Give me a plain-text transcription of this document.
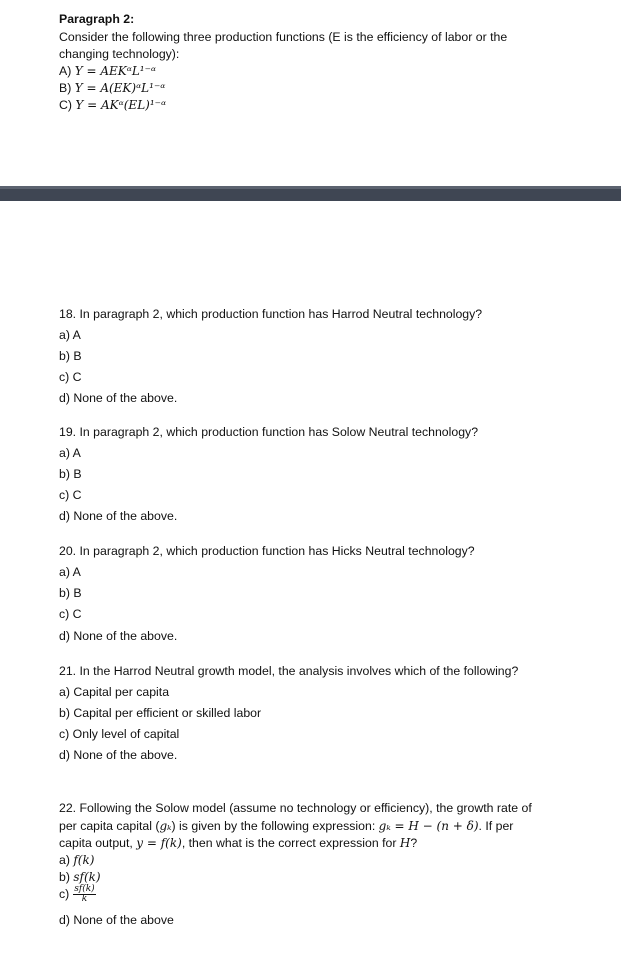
Paragraph 2:
Consider the following three production functions (E is the efficiency of labor or the
changing technology):
A) Y = AEKᵅL¹⁻ᵅ
B) Y = A(EK)ᵅL¹⁻ᵅ
C) Y = AKᵅ(EL)¹⁻ᵅ
18. In paragraph 2, which production function has Harrod Neutral technology?
a) A
b) B
c) C
d) None of the above.
19. In paragraph 2, which production function has Solow Neutral technology?
a) A
b) B
c) C
d) None of the above.
20. In paragraph 2, which production function has Hicks Neutral technology?
a) A
b) B
c) C
d) None of the above.
21. In the Harrod Neutral growth model, the analysis involves which of the following?
a) Capital per capita
b) Capital per efficient or skilled labor
c) Only level of capital
d) None of the above.
22. Following the Solow model (assume no technology or efficiency), the growth rate of
per capita capital (gₖ) is given by the following expression: gₖ = H − (n + δ). If per
capita output, y = f(k), then what is the correct expression for H?
a) f(k)
b) sf(k)
$c) \frac{sf(k)}{k}$
d) None of the above
